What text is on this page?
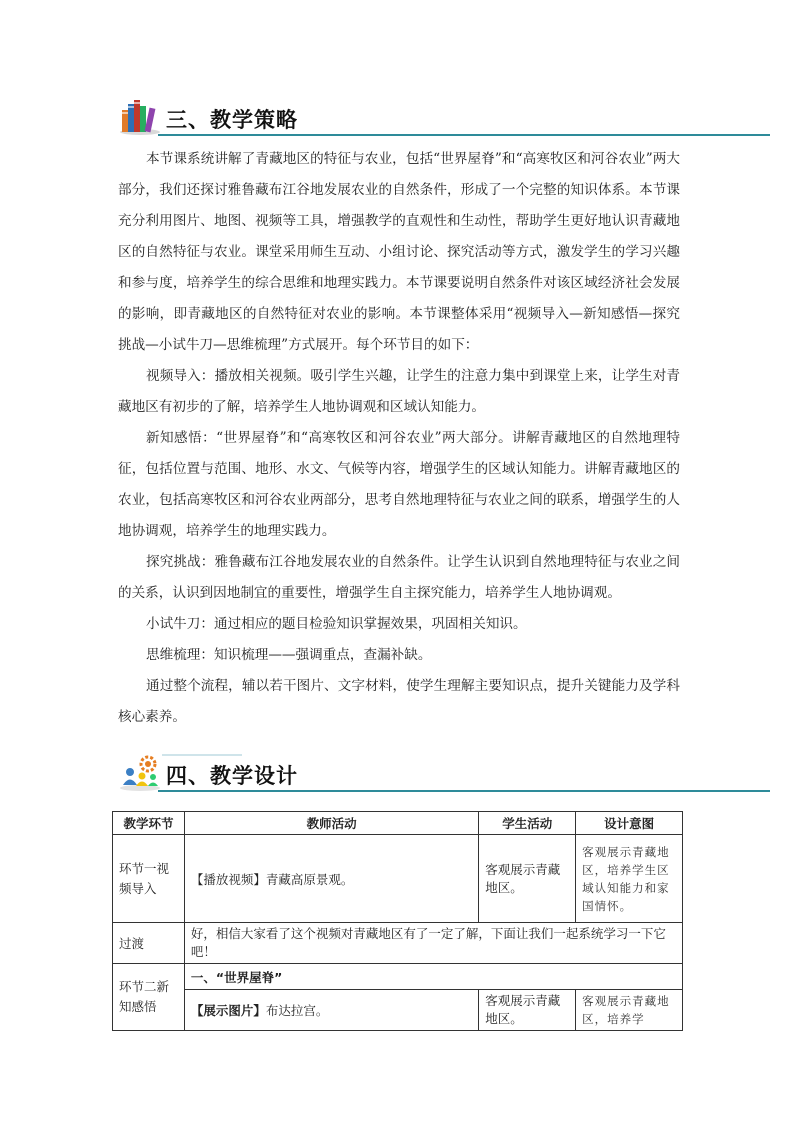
三、教学策略

本节课系统讲解了青藏地区的特征与农业，包括“世界屋脊”和“高寒牧区和河谷农业”两大部分，我们还探讨雅鲁藏布江谷地发展农业的自然条件，形成了一个完整的知识体系。本节课充分利用图片、地图、视频等工具，增强教学的直观性和生动性，帮助学生更好地认识青藏地区的自然特征与农业。课堂采用师生互动、小组讨论、探究活动等方式，激发学生的学习兴趣和参与度，培养学生的综合思维和地理实践力。本节课要说明自然条件对该区域经济社会发展的影响，即青藏地区的自然特征对农业的影响。本节课整体采用“视频导入—新知感悟—探究挑战—小试牛刀—思维梳理”方式展开。每个环节目的如下：

视频导入：播放相关视频。吸引学生兴趣，让学生的注意力集中到课堂上来，让学生对青藏地区有初步的了解，培养学生人地协调观和区域认知能力。

新知感悟：“世界屋脊”和“高寒牧区和河谷农业”两大部分。讲解青藏地区的自然地理特征，包括位置与范围、地形、水文、气候等内容，增强学生的区域认知能力。讲解青藏地区的农业，包括高寒牧区和河谷农业两部分，思考自然地理特征与农业之间的联系，增强学生的人地协调观，培养学生的地理实践力。

探究挑战：雅鲁藏布江谷地发展农业的自然条件。让学生认识到自然地理特征与农业之间的关系，认识到因地制宜的重要性，增强学生自主探究能力，培养学生人地协调观。

小试牛刀：通过相应的题目检验知识掌握效果，巩固相关知识。

思维梳理：知识梳理——强调重点，查漏补缺。

通过整个流程，辅以若干图片、文字材料，使学生理解主要知识点，提升关键能力及学科核心素养。

四、教学设计
教学环节	教师活动	学生活动	设计意图
环节一视频导入	【播放视频】青藏高原景观。	客观展示青藏地区。	客观展示青藏地区，培养学生区域认知能力和家国情怀。
过渡	好，相信大家看了这个视频对青藏地区有了一定了解，下面让我们一起系统学习一下它吧！		
环节二新知感悟	一、“世界屋脊”		
	【展示图片】布达拉宫。	客观展示青藏地区。	客观展示青藏地区，培养学
